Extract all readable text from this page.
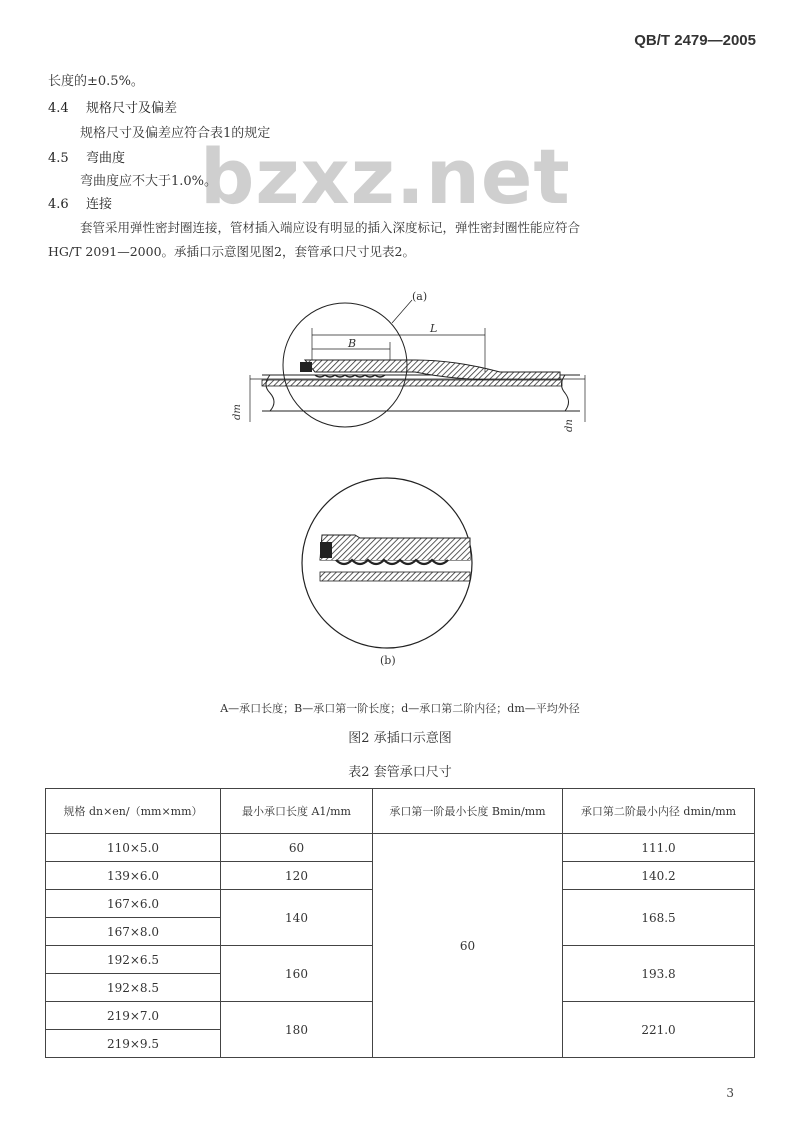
QB/T 2479—2005
bzxz.net
长度的±0.5%。
4.4 规格尺寸及偏差
规格尺寸及偏差应符合表1的规定
4.5 弯曲度
弯曲度应不大于1.0%。
4.6 连接
套管采用弹性密封圈连接，管材插入端应设有明显的插入深度标记，弹性密封圈性能应符合
HG/T 2091—2000。承插口示意图见图2，套管承口尺寸见表2。
(a)
L
B
dm
dn
(b)
A—承口长度；B—承口第一阶长度；d—承口第二阶内径；dm—平均外径
图2 承插口示意图
表2 套管承口尺寸
规格 dn×en/（mm×mm）	最小承口长度 A1/mm	承口第一阶最小长度 Bmin/mm	承口第二阶最小内径 dmin/mm
110×5.0	60	60	111.0
139×6.0	120		140.2
167×6.0	140		168.5
167×8.0			
192×6.5	160		193.8
192×8.5			
219×7.0	180		221.0
219×9.5			
3
